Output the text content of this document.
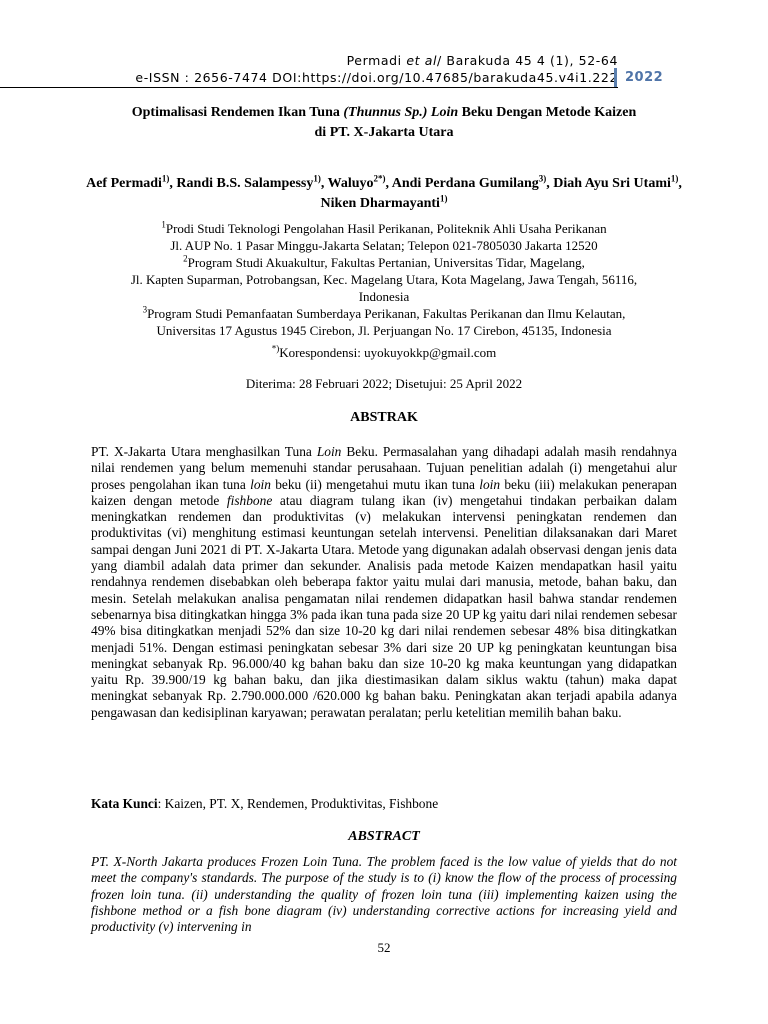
Permadi et al/ Barakuda 45 4 (1), 52-64
e-ISSN : 2656-7474 DOI:https://doi.org/10.47685/barakuda45.v4i1.222 2022
Optimalisasi Rendemen Ikan Tuna (Thunnus Sp.) Loin Beku Dengan Metode Kaizen
di PT. X-Jakarta Utara
Aef Permadi$^{1)}$, Randi B.S. Salampessy$^{1)}$, Waluyo$^{2*)}$, Andi Perdana Gumilang$^{3)}$, Diah Ayu Sri Utami$^{1)}$, Niken Dharmayanti$^{1)}$
$^1$Prodi Studi Teknologi Pengolahan Hasil Perikanan, Politeknik Ahli Usaha Perikanan
Jl. AUP No. 1 Pasar Minggu-Jakarta Selatan; Telepon 021-7805030 Jakarta 12520
$^2$Program Studi Akuakultur, Fakultas Pertanian, Universitas Tidar, Magelang,
Jl. Kapten Suparman, Potrobangsan, Kec. Magelang Utara, Kota Magelang, Jawa Tengah, 56116,
Indonesia
$^3$Program Studi Pemanfaatan Sumberdaya Perikanan, Fakultas Perikanan dan Ilmu Kelautan,
Universitas 17 Agustus 1945 Cirebon, Jl. Perjuangan No. 17 Cirebon, 45135, Indonesia
*)Korespondensi: uyokuyokkp@gmail.com
Diterima: 28 Februari 2022; Disetujui: 25 April 2022
ABSTRAK
PT. X-Jakarta Utara menghasilkan Tuna Loin Beku. Permasalahan yang dihadapi adalah masih rendahnya nilai rendemen yang belum memenuhi standar perusahaan. Tujuan penelitian adalah (i) mengetahui alur proses pengolahan ikan tuna loin beku (ii) mengetahui mutu ikan tuna loin beku (iii) melakukan penerapan kaizen dengan metode fishbone atau diagram tulang ikan (iv) mengetahui tindakan perbaikan dalam meningkatkan rendemen dan produktivitas (v) melakukan intervensi peningkatan rendemen dan produktivitas (vi) menghitung estimasi keuntungan setelah intervensi. Penelitian dilaksanakan dari Maret sampai dengan Juni 2021 di PT. X-Jakarta Utara. Metode yang digunakan adalah observasi dengan jenis data yang diambil adalah data primer dan sekunder. Analisis pada metode Kaizen mendapatkan hasil yaitu rendahnya rendemen disebabkan oleh beberapa faktor yaitu mulai dari manusia, metode, bahan baku, dan mesin. Setelah melakukan analisa pengamatan nilai rendemen didapatkan hasil bahwa standar rendemen sebenarnya bisa ditingkatkan hingga 3% pada ikan tuna pada size 20 UP kg yaitu dari nilai rendemen sebesar 49% bisa ditingkatkan menjadi 52% dan size 10-20 kg dari nilai rendemen sebesar 48% bisa ditingkatkan menjadi 51%. Dengan estimasi peningkatan sebesar 3% dari size 20 UP kg peningkatan keuntungan bisa meningkat sebanyak Rp. 96.000/40 kg bahan baku dan size 10-20 kg maka keuntungan yang didapatkan yaitu Rp. 39.900/19 kg bahan baku, dan jika diestimasikan dalam siklus waktu (tahun) maka dapat meningkat sebanyak Rp. 2.790.000.000 /620.000 kg bahan baku. Peningkatan akan terjadi apabila adanya pengawasan dan kedisiplinan karyawan; perawatan peralatan; perlu ketelitian memilih bahan baku.
Kata Kunci: Kaizen, PT. X, Rendemen, Produktivitas, Fishbone
ABSTRACT
PT. X-North Jakarta produces Frozen Loin Tuna. The problem faced is the low value of yields that do not meet the company's standards. The purpose of the study is to (i) know the flow of the process of processing frozen loin tuna. (ii) understanding the quality of frozen loin tuna (iii) implementing kaizen using the fishbone method or a fish bone diagram (iv) understanding corrective actions for increasing yield and productivity (v) intervening in
52
